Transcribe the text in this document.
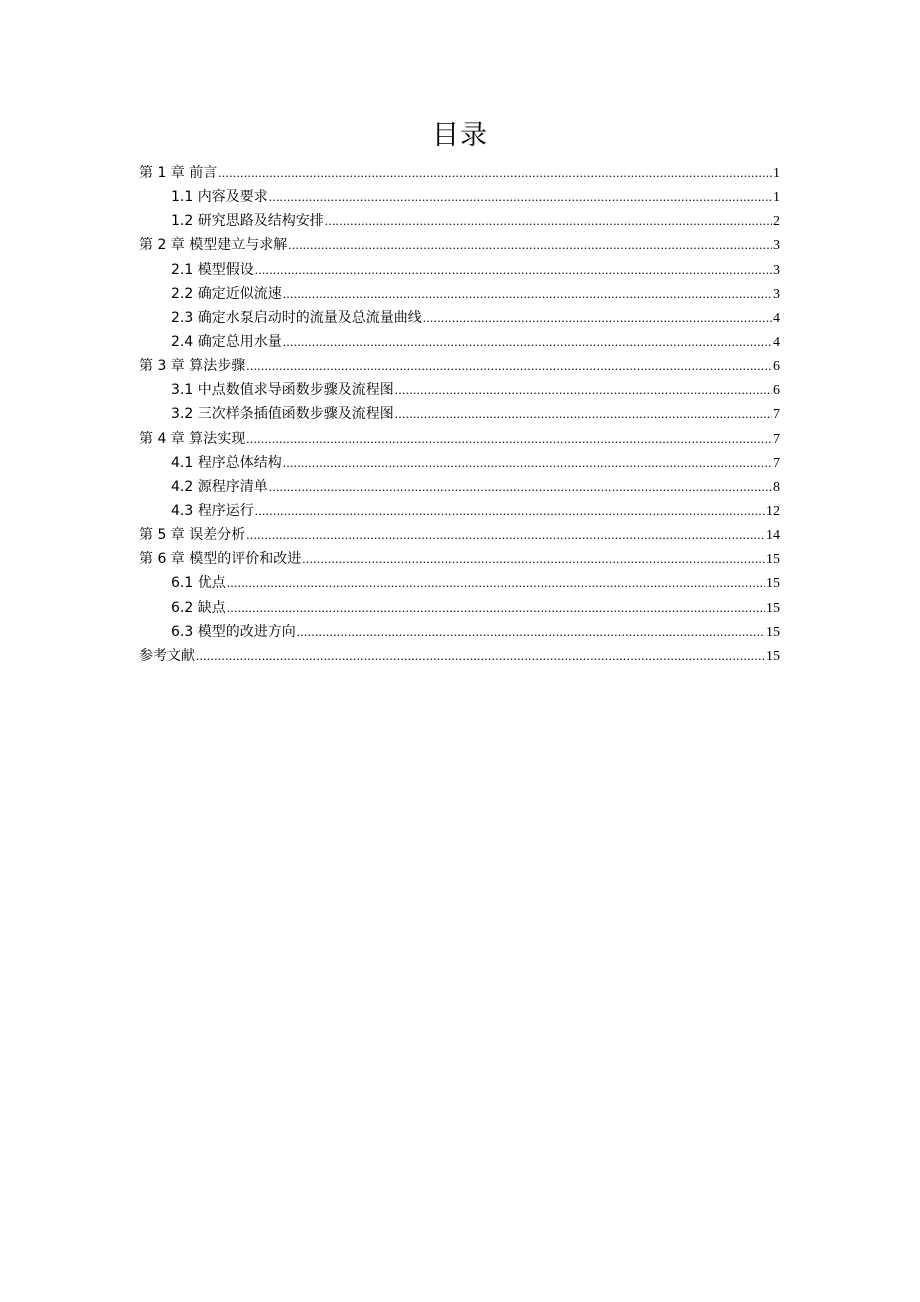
目录
第 1 章 前言 .....	1
1.1 内容及要求 .....	1
1.2 研究思路及结构安排 .....	2
第 2 章 模型建立与求解 .....	3
2.1 模型假设 .....	3
2.2 确定近似流速 .....	3
2.3 确定水泵启动时的流量及总流量曲线 .....	4
2.4 确定总用水量 .....	4
第 3 章 算法步骤 .....	6
3.1 中点数值求导函数步骤及流程图 .....	6
3.2 三次样条插值函数步骤及流程图 .....	7
第 4 章 算法实现 .....	7
4.1 程序总体结构 .....	7
4.2 源程序清单 .....	8
4.3 程序运行 .....	12
第 5 章 误差分析 .....	14
第 6 章 模型的评价和改进 .....	15
6.1 优点 .....	15
6.2 缺点 .....	15
6.3 模型的改进方向 .....	15
参考文献 .....	15
